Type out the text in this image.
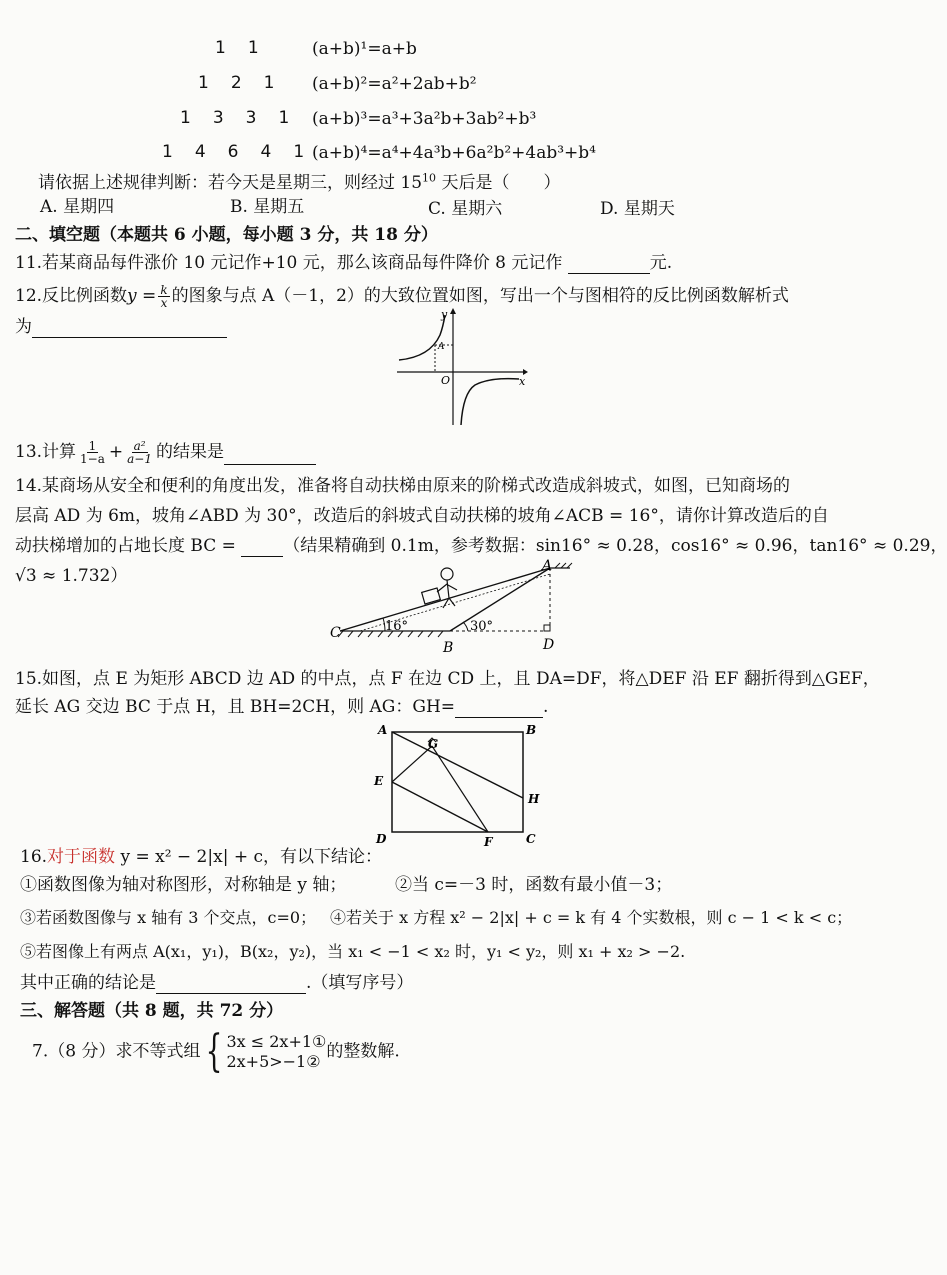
1 1	(a+b)¹=a+b
1 2 1 (a+b)²=a²+2ab+b²
1 3 3 1 (a+b)³=a³+3a²b+3ab²+b³
1 4 6 4 1 (a+b)⁴=a⁴+4a³b+6a²b²+4ab³+b⁴
请依据上述规律判断：若今天是星期三，则经过 $15^{10}$ 天后是（　　）
A. 星期四	B. 星期五	C. 星期六	D. 星期天
二、填空题（本题共 6 小题，每小题 3 分，共 18 分）
11.若某商品每件涨价 10 元记作+10 元，那么该商品每件降价 8 元记作	元.
12.反比例函数$y = \frac{k}{x}$ 的图象与点 A（－1，2）的大致位置如图，写出一个与图相符的反比例函数解析式
为
y
x
O
A
13.计算 $\frac{1}{1-a} + \frac{\text{a²}}{a-1}$ 的结果是
14.某商场从安全和便利的角度出发，准备将自动扶梯由原来的阶梯式改造成斜坡式，如图，已知商场的
层高 AD 为 6m，坡角∠ABD 为 30°，改造后的斜坡式自动扶梯的坡角∠ACB = 16°，请你计算改造后的自
动扶梯增加的占地长度 BC = （结果精确到 0.1m，参考数据：sin16° ≈ 0.28，cos16° ≈ 0.96，tan16° ≈ 0.29，
√3 ≈ 1.732）
C
B	D
A
16°	30°
15.如图，点 E 为矩形 ABCD 边 AD 的中点，点 F 在边 CD 上，且 DA=DF，将△DEF 沿 EF 翻折得到△GEF，
延长 AG 交边 BC 于点 H，且 BH=2CH，则 AG：GH=	.
A	B
C
D
E
F
G
H
16.对于函数 y = x² − 2|x| + c，有以下结论：
①函数图像为轴对称图形，对称轴是 y 轴；	②当 c=－3 时，函数有最小值－3；
③若函数图像与 x 轴有 3 个交点，c=0； ④若关于 x 方程 x² − 2|x| + c = k 有 4 个实数根，则 c − 1 < k < c；
⑤若图像上有两点 A(x₁，y₁)，B(x₂，y₂)，当 x₁ < −1 < x₂ 时，y₁ < y₂，则 x₁ + x₂ > −2.
其中正确的结论是	.（填写序号）
三、解答题（共 8 题，共 72 分）
7.（8 分）求不等式组 { 3x ≤ 2x+1①
2x+5>−1② 的整数解.
